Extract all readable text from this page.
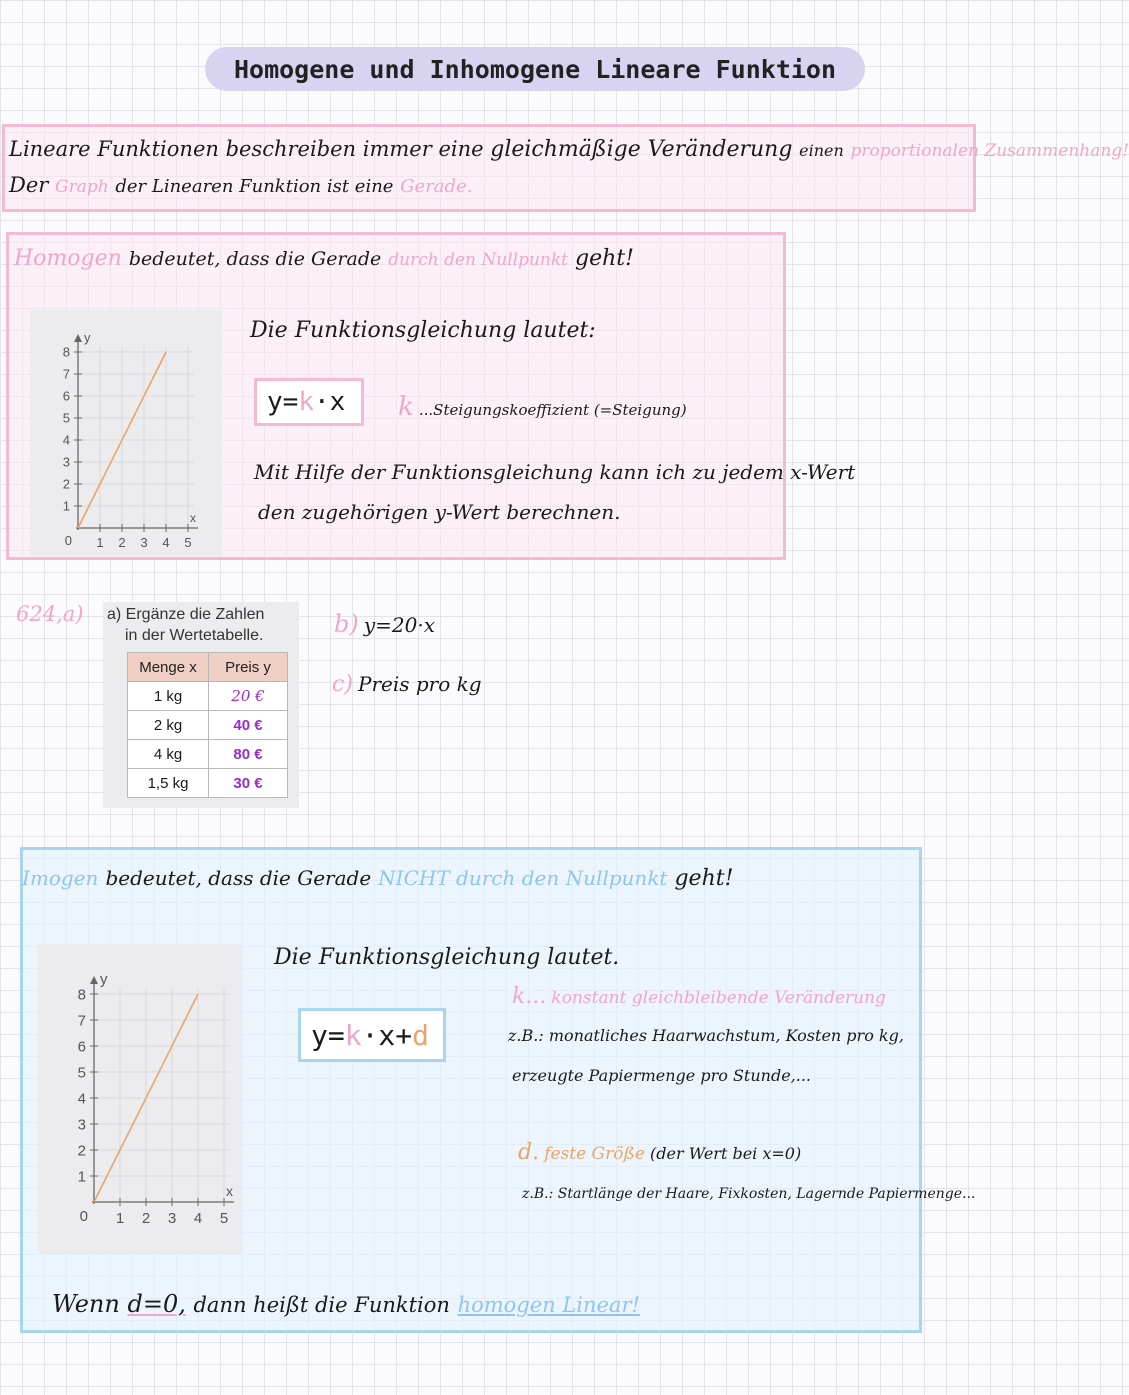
Homogene und Inhomogene Lineare Funktion
Lineare Funktionen beschreiben immer eine gleichmäßige Veränderung einen proportionalen Zusammenhang!
Der Graph der Linearen Funktion ist eine Gerade.
Homogen bedeutet, dass die Gerade durch den Nullpunkt geht!
8
7
6
5
4
3
2
1
1 2 3 4 5
0
y
x
Die Funktionsgleichung lautet:
y= k ·x k ...Steigungskoeffizient (=Steigung)
Mit Hilfe der Funktionsgleichung kann ich zu jedem x-Wert
den zugehörigen y-Wert berechnen.
624,a) a) Ergänze die Zahlen
in der Wertetabelle.
Menge x	Preis y
1 kg	20 €
2 kg	40 €
4 kg	80 €
1,5 kg	30 €
b) y=20·x
c) Preis pro kg
Imogen bedeutet, dass die Gerade NICHT durch den Nullpunkt geht!
8
7
6
5
4
3
2
1
1 2 3 4 5
0
y
x
Die Funktionsgleichung lautet.
y= k ·x+ d
k... konstant gleichbleibende Veränderung
z.B.: monatliches Haarwachstum, Kosten pro kg,
erzeugte Papiermenge pro Stunde,...
d. feste Größe (der Wert bei x=0)
z.B.: Startlänge der Haare, Fixkosten, Lagernde Papiermenge...
Wenn d=0, dann heißt die Funktion homogen Linear!
